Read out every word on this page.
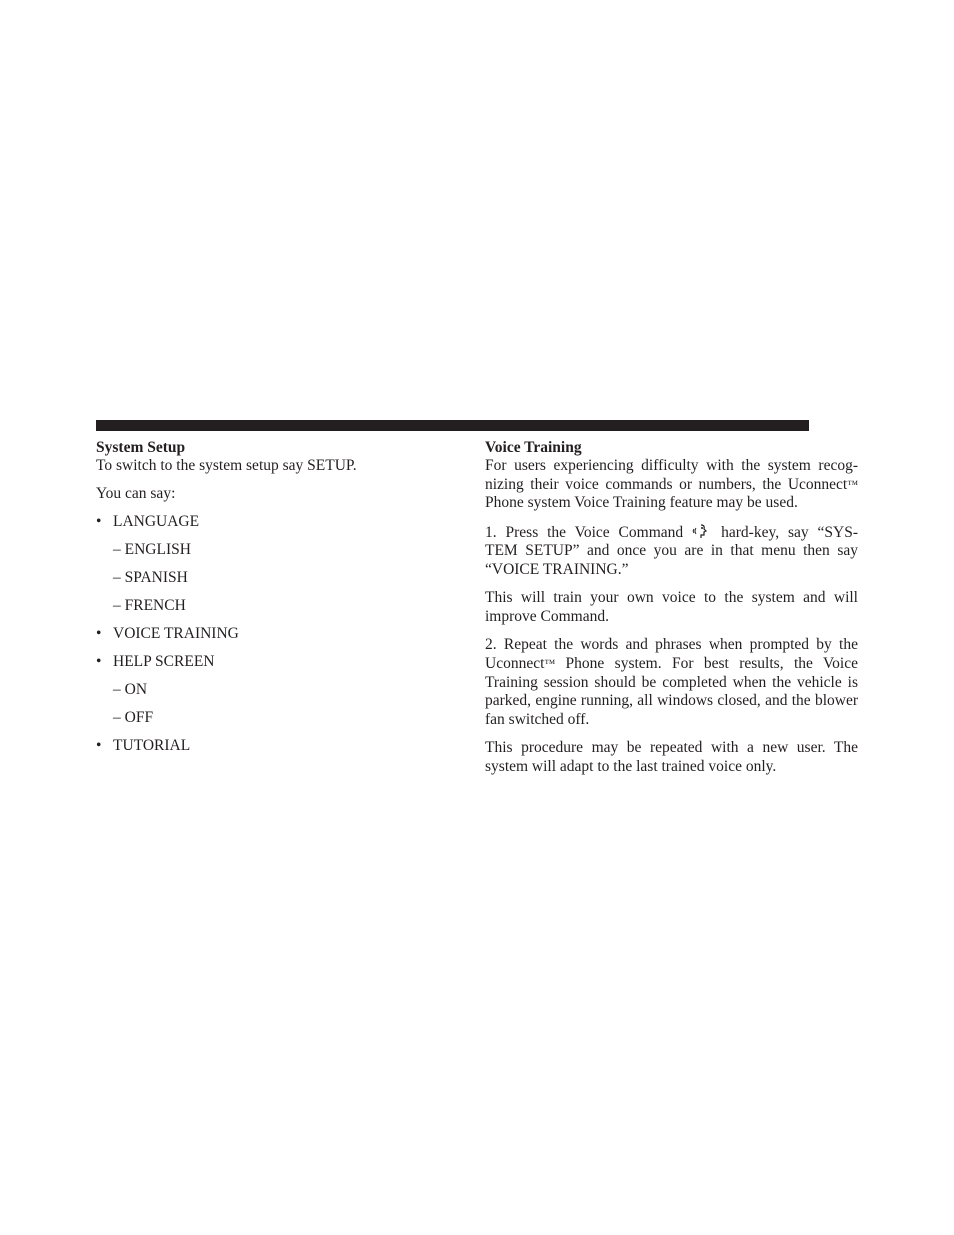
System Setup

To switch to the system setup say SETUP.

You can say:

• LANGUAGE
– ENGLISH
– SPANISH
– FRENCH
• VOICE TRAINING
• HELP SCREEN
– ON
– OFF
• TUTORIAL
Voice Training

For users experiencing difficulty with the system recog-
nizing their voice commands or numbers, the Uconnect™
Phone system Voice Training feature may be used.

1. Press the Voice Command hard-key, say “SYS-
TEM SETUP” and once you are in that menu then say
“VOICE TRAINING.”

This will train your own voice to the system and will improve Command.

2. Repeat the words and phrases when prompted by the
Uconnect™ Phone system. For best results, the Voice
Training session should be completed when the vehicle is parked, engine running, all windows closed, and the blower fan switched off.

This procedure may be repeated with a new user. The system will adapt to the last trained voice only.
